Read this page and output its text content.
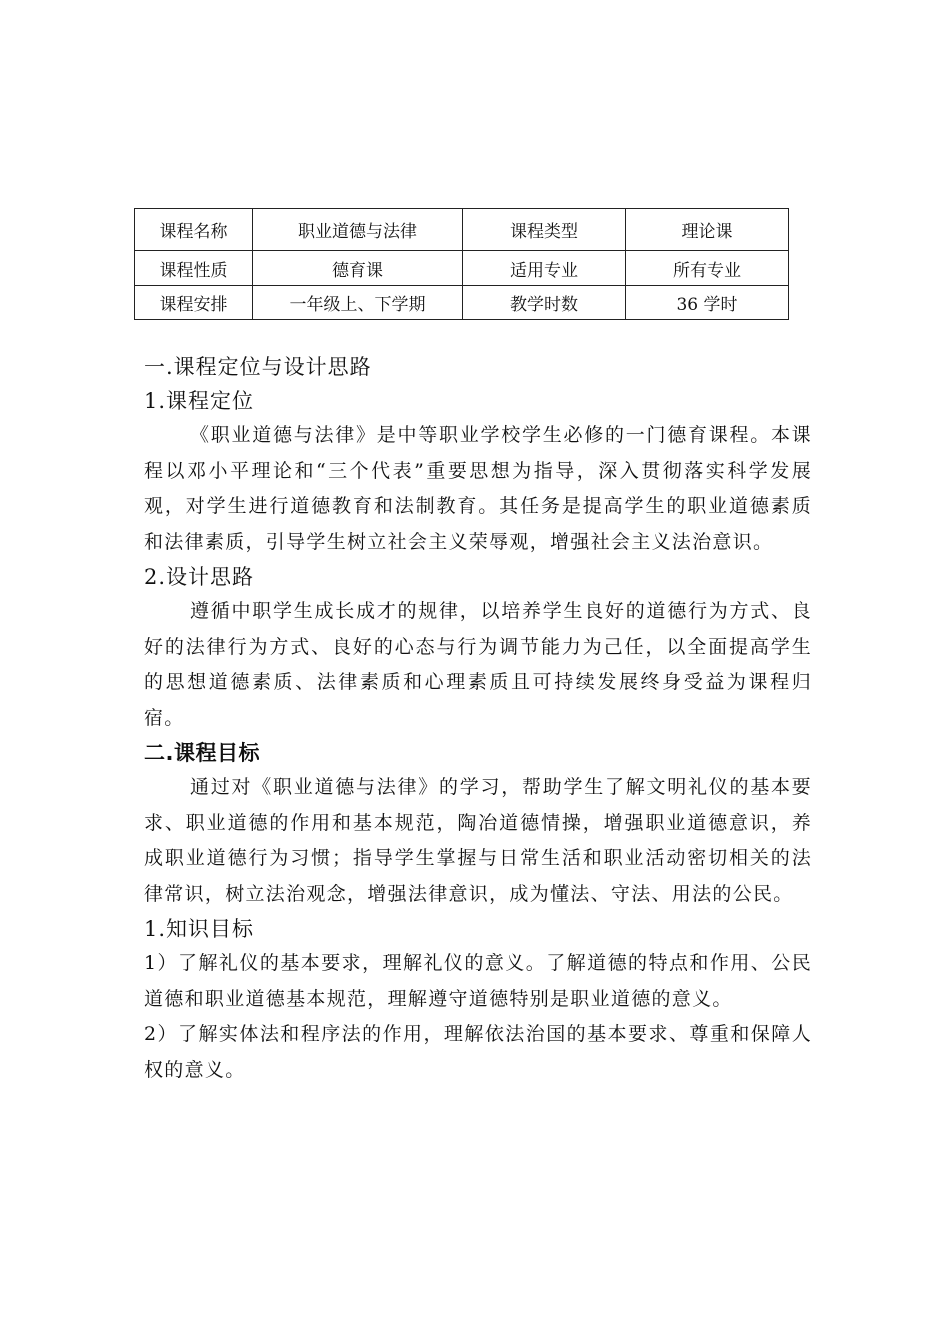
课程名称	职业道德与法律	课程类型	理论课
课程性质	德育课	适用专业	所有专业
课程安排	一年级上、下学期	教学时数	36 学时
一.课程定位与设计思路
1.课程定位

《职业道德与法律》是中等职业学校学生必修的一门德育课程。本课程以邓小平理论和“三个代表”重要思想为指导，深入贯彻落实科学发展观，对学生进行道德教育和法制教育。其任务是提高学生的职业道德素质和法律素质，引导学生树立社会主义荣辱观，增强社会主义法治意识。

2.设计思路

遵循中职学生成长成才的规律，以培养学生良好的道德行为方式、良好的法律行为方式、良好的心态与行为调节能力为己任，以全面提高学生的思想道德素质、法律素质和心理素质且可持续发展终身受益为课程归宿。

二.课程目标

通过对《职业道德与法律》的学习，帮助学生了解文明礼仪的基本要求、职业道德的作用和基本规范，陶冶道德情操，增强职业道德意识，养成职业道德行为习惯；指导学生掌握与日常生活和职业活动密切相关的法律常识，树立法治观念，增强法律意识，成为懂法、守法、用法的公民。

1.知识目标

1）了解礼仪的基本要求，理解礼仪的意义。了解道德的特点和作用、公民道德和职业道德基本规范，理解遵守道德特别是职业道德的意义。

2）了解实体法和程序法的作用，理解依法治国的基本要求、尊重和保障人权的意义。
